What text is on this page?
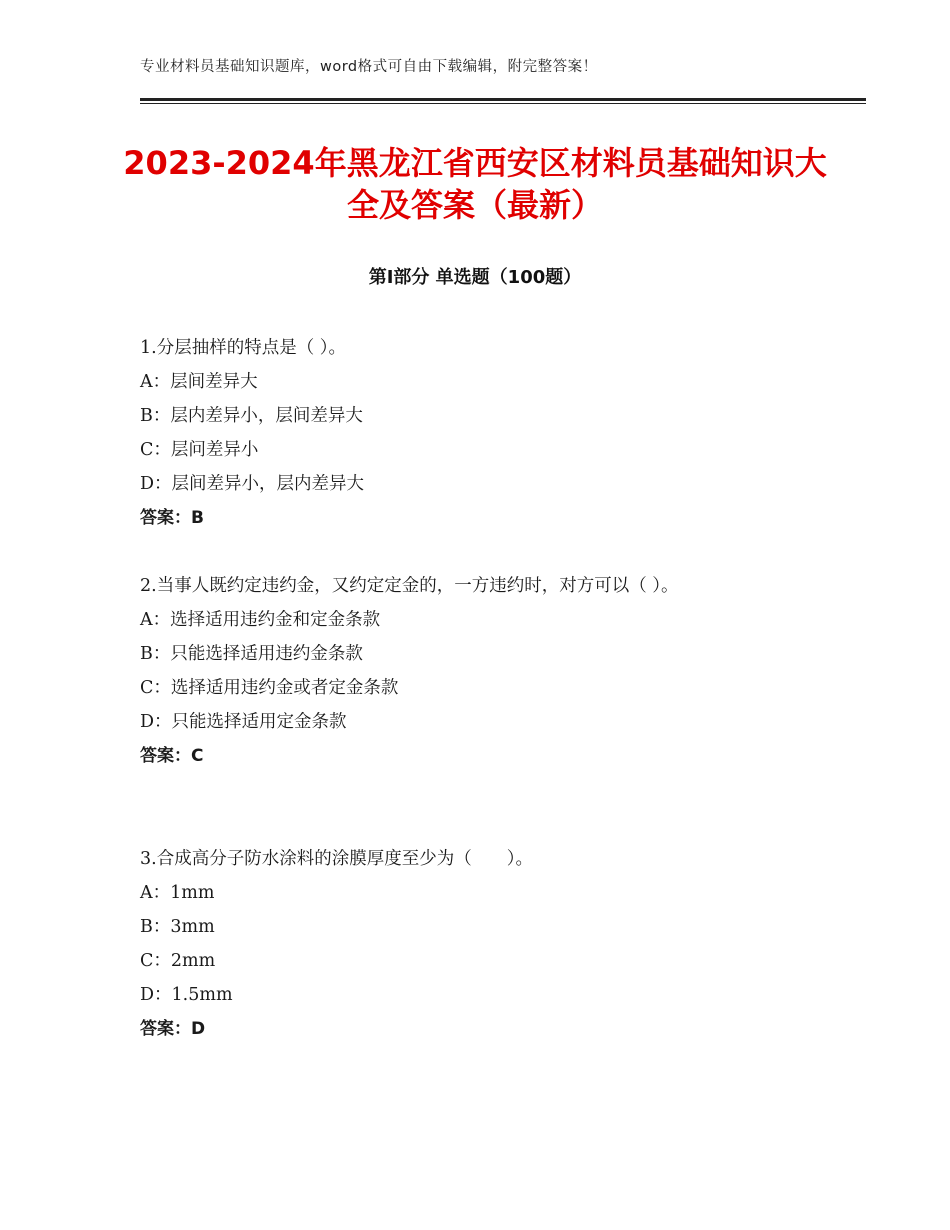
专业材料员基础知识题库，word格式可自由下载编辑，附完整答案！
2023-2024年黑龙江省西安区材料员基础知识大全及答案（最新）
第Ⅰ部分 单选题（100题）

1.分层抽样的特点是（ ）。

A：层间差异大

B：层内差异小，层间差异大

C：层问差异小

D：层间差异小，层内差异大

答案：B

2.当事人既约定违约金，又约定定金的，一方违约时，对方可以（ ）。

A：选择适用违约金和定金条款

B：只能选择适用违约金条款

C：选择适用违约金或者定金条款

D：只能选择适用定金条款

答案：C

3.合成高分子防水涂料的涂膜厚度至少为（　　）。

A：1mm

B：3mm

C：2mm

D：1.5mm

答案：D
